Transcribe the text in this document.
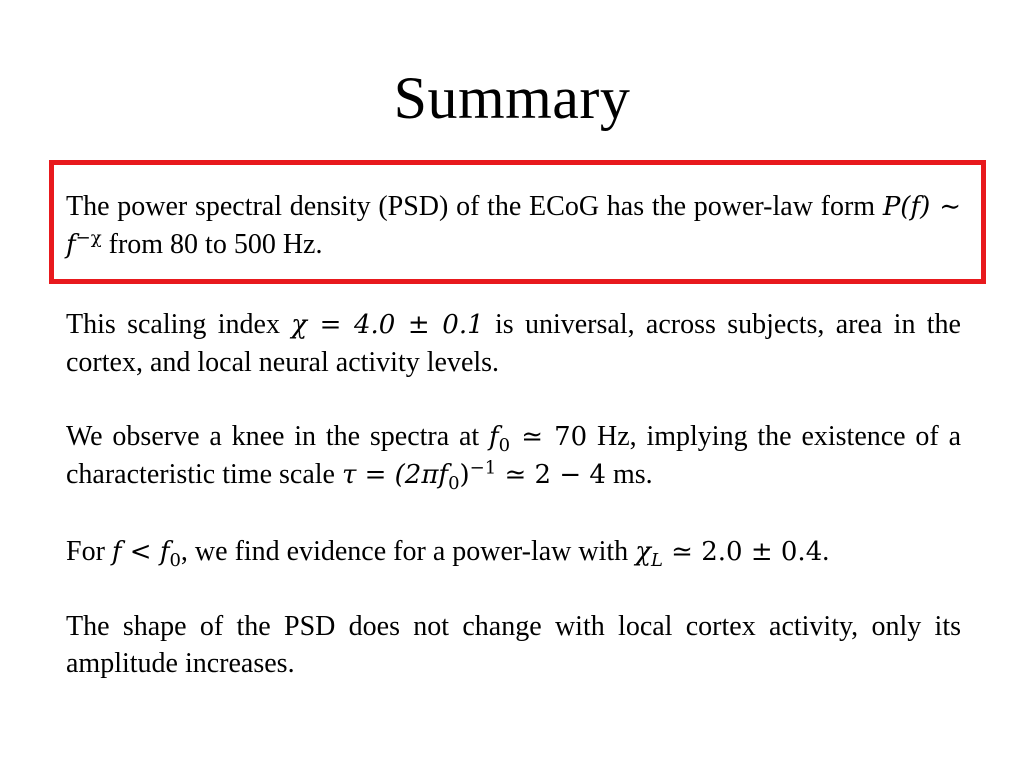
Summary
The power spectral density (PSD) of the ECoG has the power-law form P(f) ∼ $f^{-\chi}$ from 80 to 500 Hz.
This scaling index χ = 4.0 ± 0.1 is universal, across subjects, area in the cortex, and local neural activity levels.
We observe a knee in the spectra at $f_0$ ≃ 70 Hz, implying the existence of a characteristic time scale $\tau = (2\pi f_0)^{-1}$ ≃ 2 − 4 ms.
For $f < f_0$, we find evidence for a power-law with $\chi_L$ ≃ 2.0 ± 0.4.
The shape of the PSD does not change with local cortex activity, only its amplitude increases.
